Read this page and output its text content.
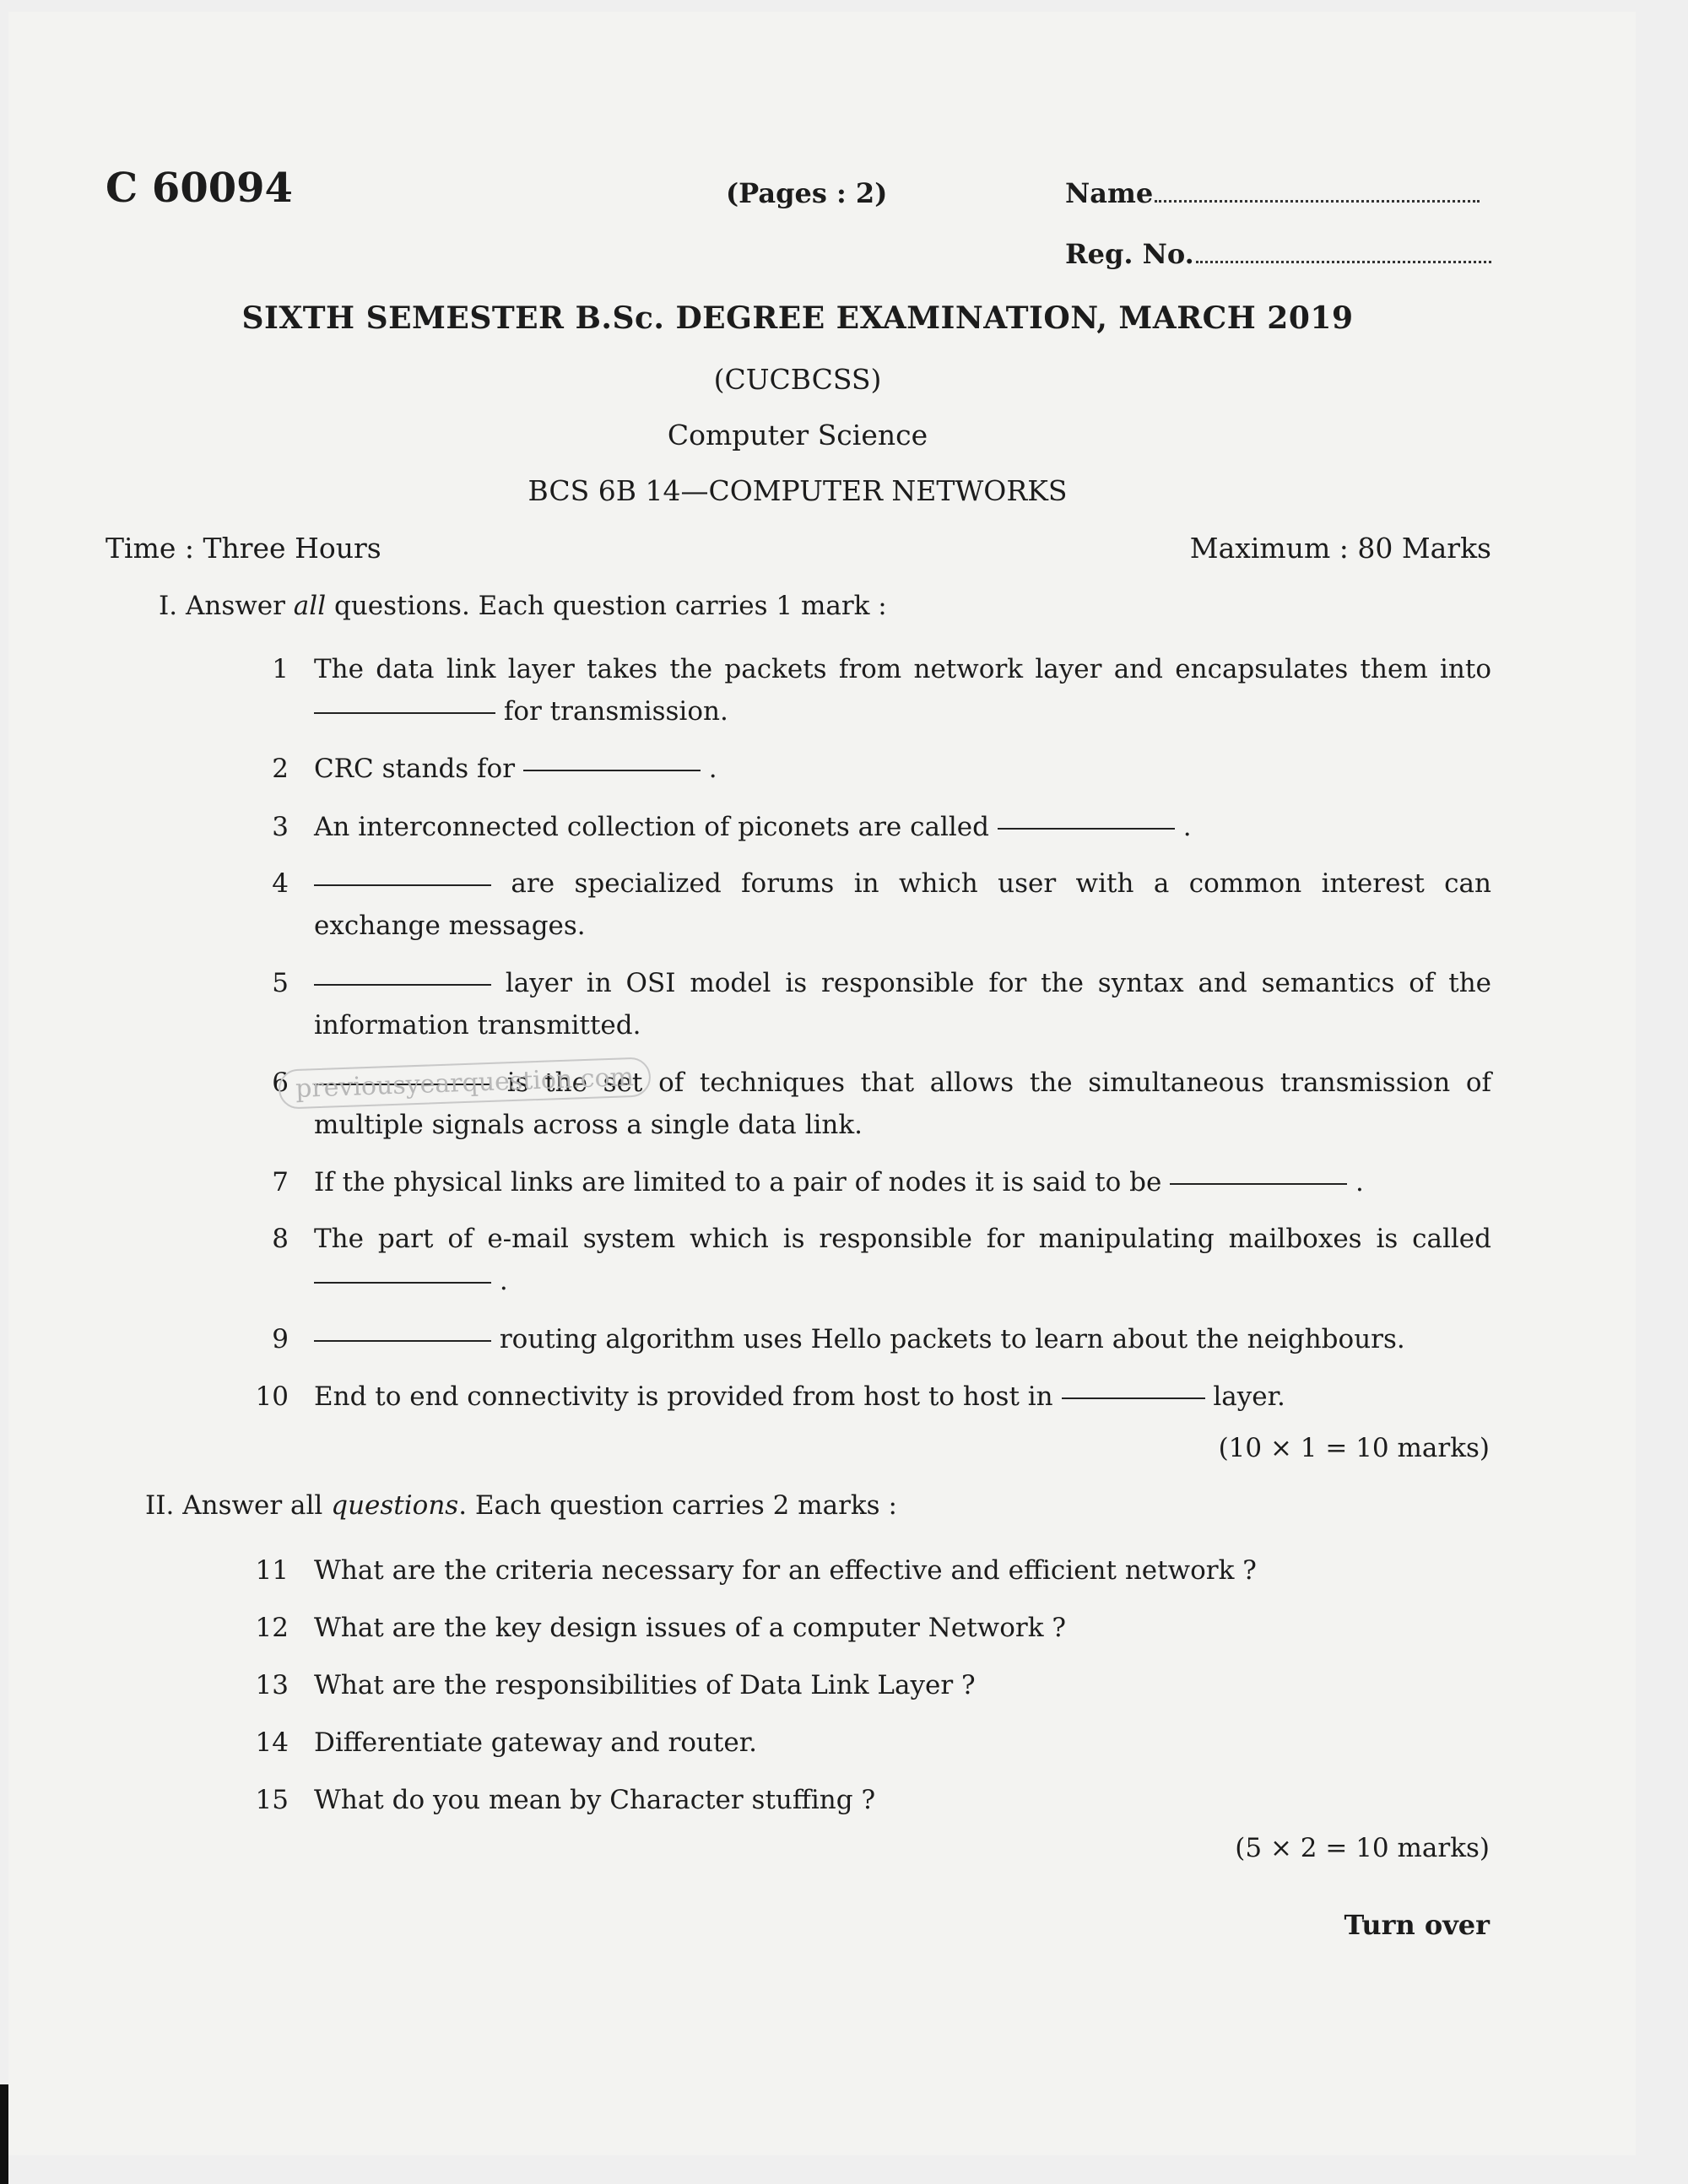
C 60094	(Pages : 2)	Name
Reg. No.
SIXTH SEMESTER B.Sc. DEGREE EXAMINATION, MARCH 2019
(CUCBCSS)
Computer Science
BCS 6B 14—COMPUTER NETWORKS
Time : Three Hours	Maximum : 80 Marks
I. Answer all questions. Each question carries 1 mark :
1 The data link layer takes the packets from network layer and encapsulates them into  for transmission.
2 CRC stands for	.
3 An interconnected collection of piconets are called	.
4	are specialized forums in which user with a common interest can exchange messages.
5	layer in OSI model is responsible for the syntax and semantics of the information transmitted.
6	is the set of techniques that allows the simultaneous transmission of multiple signals across a single data link.
7 If the physical links are limited to a pair of nodes it is said to be	.
8 The part of e-mail system which is responsible for manipulating mailboxes is called  .
9	routing algorithm uses Hello packets to learn about the neighbours.
10 End to end connectivity is provided from host to host in	layer.
(10 × 1 = 10 marks)
previousyearquestion.com
II. Answer all questions. Each question carries 2 marks :
11 What are the criteria necessary for an effective and efficient network ?
12 What are the key design issues of a computer Network ?
13 What are the responsibilities of Data Link Layer ?
14 Differentiate gateway and router.
15 What do you mean by Character stuffing ?
(5 × 2 = 10 marks)
Turn over
